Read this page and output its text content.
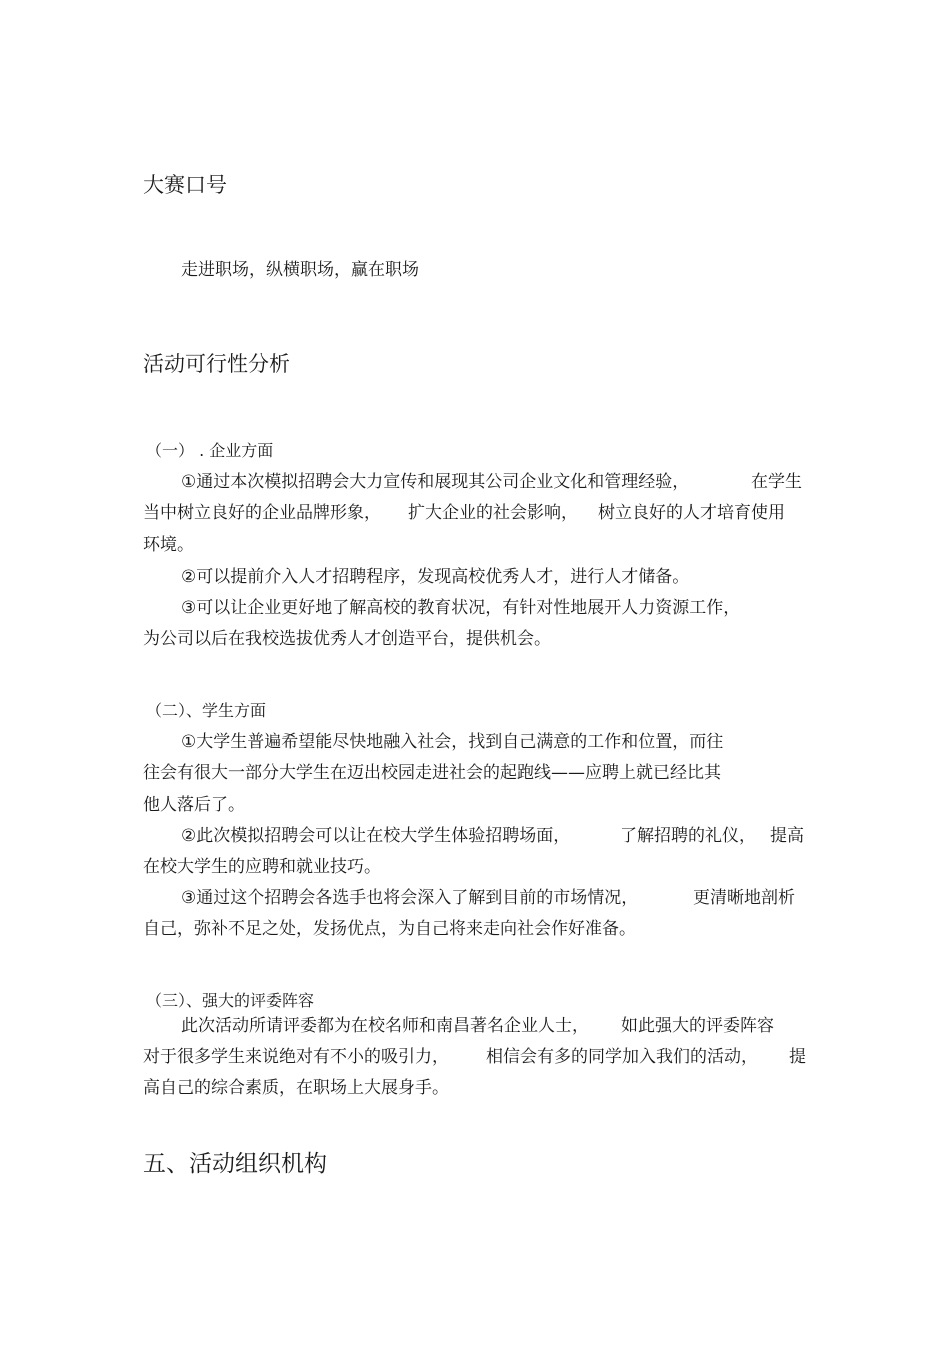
大赛口号
走进职场，纵横职场，赢在职场
活动可行性分析
（一） . 企业方面
①通过本次模拟招聘会大力宣传和展现其公司企业文化和管理经验，	在学生
当中树立良好的企业品牌形象， 扩大企业的社会影响， 树立良好的人才培育使用
环境。
②可以提前介入人才招聘程序，发现高校优秀人才，进行人才储备。
③可以让企业更好地了解高校的教育状况，有针对性地展开人力资源工作，
为公司以后在我校选拔优秀人才创造平台，提供机会。
（二）、学生方面
①大学生普遍希望能尽快地融入社会，找到自己满意的工作和位置，而往
往会有很大一部分大学生在迈出校园走进社会的起跑线——应聘上就已经比其
他人落后了。
②此次模拟招聘会可以让在校大学生体验招聘场面，	了解招聘的礼仪， 提高
在校大学生的应聘和就业技巧。
③通过这个招聘会各选手也将会深入了解到目前的市场情况，	更清晰地剖析
自己，弥补不足之处，发扬优点，为自己将来走向社会作好准备。
（三）、强大的评委阵容
此次活动所请评委都为在校名师和南昌著名企业人士， 如此强大的评委阵容
对于很多学生来说绝对有不小的吸引力， 相信会有多的同学加入我们的活动， 提
高自己的综合素质，在职场上大展身手。
五、活动组织机构
